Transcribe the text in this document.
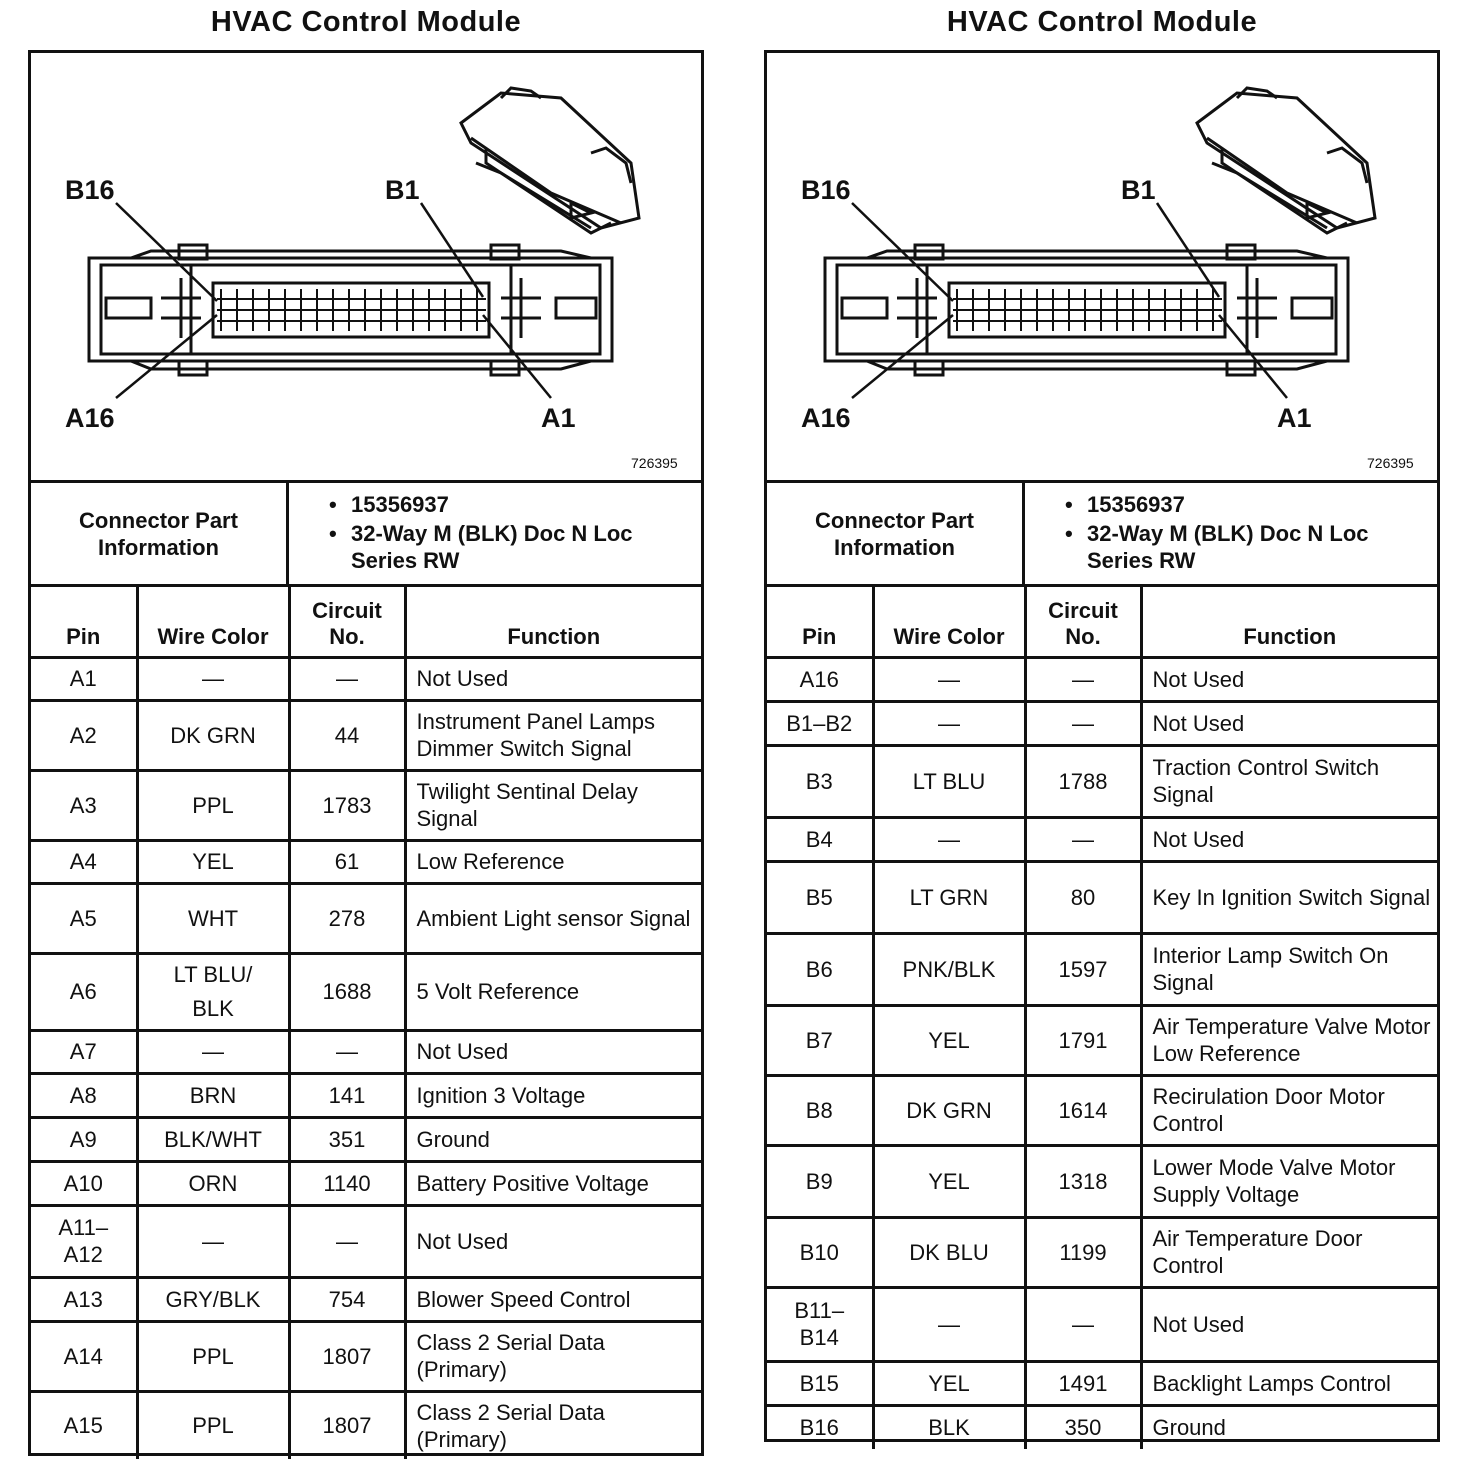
HVAC Control Module
B16	B1
A16	A1
726395
Connector Part Information
• 15356937
• 32-Way M (BLK) Doc N Loc Series RW
Pin	Wire Color	Circuit No.	Function
A1	—	—	Not Used
A2	DK GRN	44	Instrument Panel Lamps Dimmer Switch Signal
A3	PPL	1783	Twilight Sentinal Delay Signal
A4	YEL	61	Low Reference
A5	WHT	278	Ambient Light sensor Signal
A6	LT BLU/ BLK	1688	5 Volt Reference
A7	—	—	Not Used
A8	BRN	141	Ignition 3 Voltage
A9	BLK/WHT	351	Ground
A10	ORN	1140	Battery Positive Voltage
A11– A12	—	—	Not Used
A13	GRY/BLK	754	Blower Speed Control
A14	PPL	1807	Class 2 Serial Data (Primary)
A15	PPL	1807	Class 2 Serial Data (Primary)
HVAC Control Module
B16	B1
A16	A1
726395
Connector Part Information
• 15356937
• 32-Way M (BLK) Doc N Loc Series RW
Pin	Wire Color	Circuit No.	Function
A16	—	—	Not Used
B1–B2	—	—	Not Used
B3	LT BLU	1788	Traction Control Switch Signal
B4	—	—	Not Used
B5	LT GRN	80	Key In Ignition Switch Signal
B6	PNK/BLK	1597	Interior Lamp Switch On Signal
B7	YEL	1791	Air Temperature Valve Motor Low Reference
B8	DK GRN	1614	Recirulation Door Motor Control
B9	YEL	1318	Lower Mode Valve Motor Supply Voltage
B10	DK BLU	1199	Air Temperature Door Control
B11– B14	—	—	Not Used
B15	YEL	1491	Backlight Lamps Control
B16	BLK	350	Ground
